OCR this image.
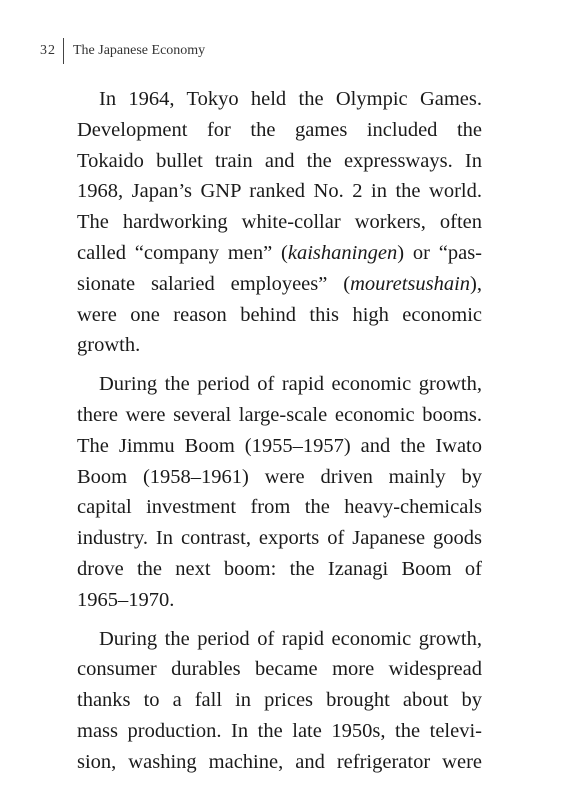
32 The Japanese Economy
In 1964, Tokyo held the Olympic Games.
Development for the games included the
Tokaido bullet train and the expressways. In
1968, Japan’s GNP ranked No. 2 in the world.
The hardworking white-collar workers, often
called “company men” (kaishaningen) or “pas-
sionate salaried employees” (mouretsushain),
were one reason behind this high economic
growth.
During the period of rapid economic growth,
there were several large-scale economic booms.
The Jimmu Boom (1955–1957) and the Iwato
Boom (1958–1961) were driven mainly by
capital investment from the heavy-chemicals
industry. In contrast, exports of Japanese goods
drove the next boom: the Izanagi Boom of
1965–1970.
During the period of rapid economic growth,
consumer durables became more widespread
thanks to a fall in prices brought about by
mass production. In the late 1950s, the televi-
sion, washing machine, and refrigerator were
